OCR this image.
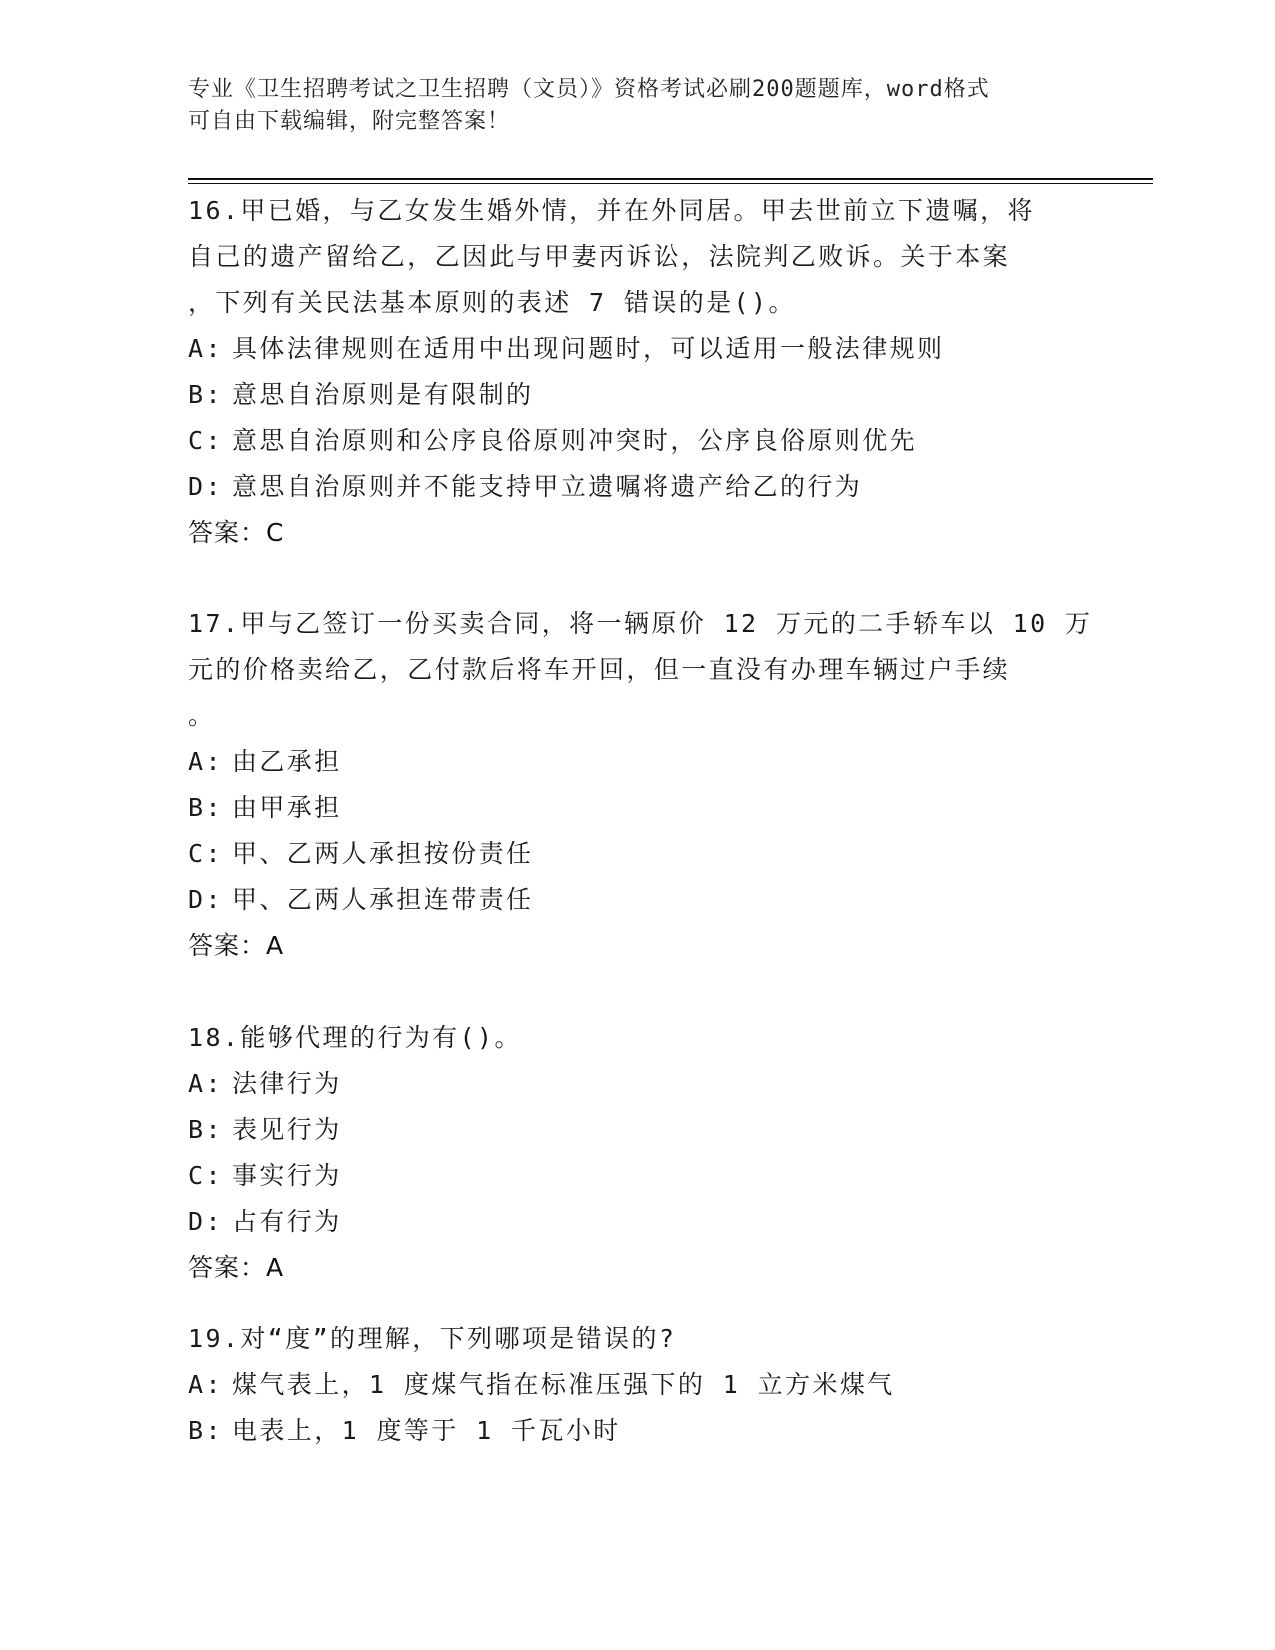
专业《卫生招聘考试之卫生招聘（文员）》资格考试必刷200题题库，word格式
可自由下载编辑，附完整答案！
16.甲已婚，与乙女发生婚外情，并在外同居。甲去世前立下遗嘱，将
自己的遗产留给乙，乙因此与甲妻丙诉讼，法院判乙败诉。关于本案
，下列有关民法基本原则的表述 7 错误的是()。
A: 具体法律规则在适用中出现问题时，可以适用一般法律规则
B: 意思自治原则是有限制的
C: 意思自治原则和公序良俗原则冲突时，公序良俗原则优先
D: 意思自治原则并不能支持甲立遗嘱将遗产给乙的行为
答案：C
17.甲与乙签订一份买卖合同，将一辆原价 12 万元的二手轿车以 10 万
元的价格卖给乙，乙付款后将车开回，但一直没有办理车辆过户手续
。
A: 由乙承担
B: 由甲承担
C: 甲、乙两人承担按份责任
D: 甲、乙两人承担连带责任
答案：A
18.能够代理的行为有()。
A: 法律行为
B: 表见行为
C: 事实行为
D: 占有行为
答案：A
19.对“度”的理解，下列哪项是错误的?
A: 煤气表上，1 度煤气指在标准压强下的 1 立方米煤气
B: 电表上，1 度等于 1 千瓦小时
